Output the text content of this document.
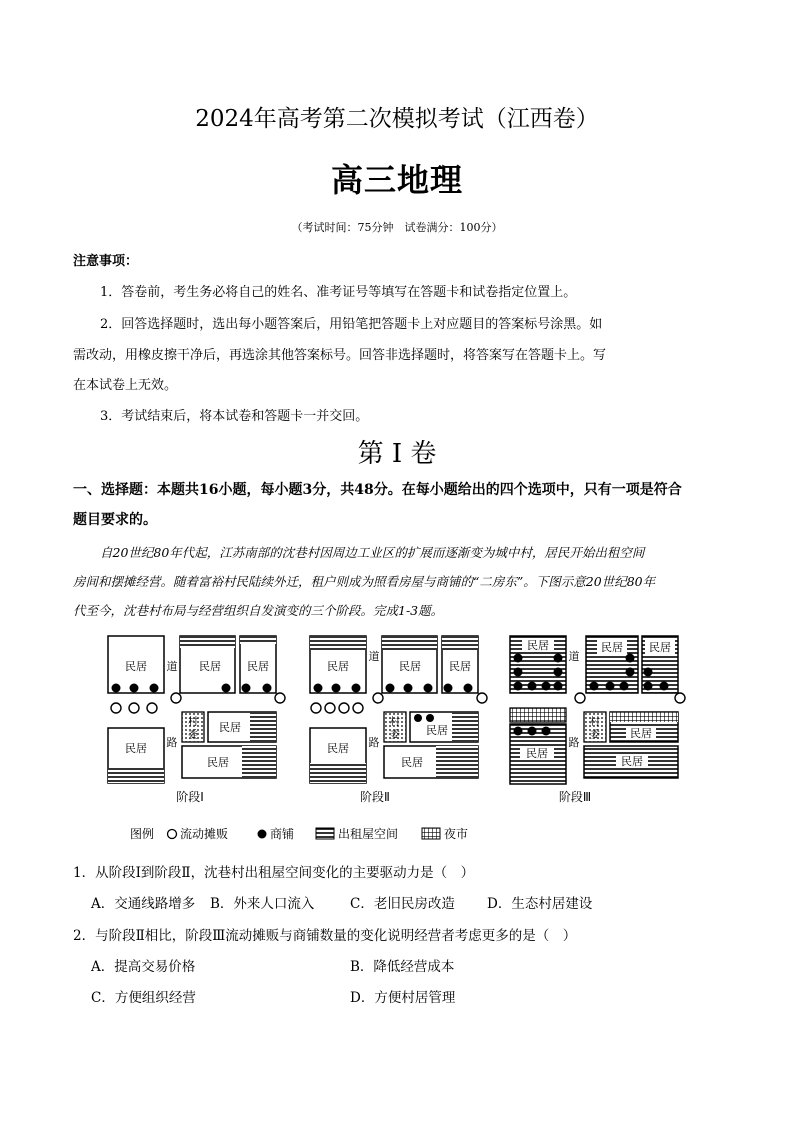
2024年高考第二次模拟考试（江西卷）
高三地理
（考试时间：75分钟　试卷满分：100分）
注意事项：
1．答卷前，考生务必将自己的姓名、准考证号等填写在答题卡和试卷指定位置上。
2．回答选择题时，选出每小题答案后，用铅笔把答题卡上对应题目的答案标号涂黑。如
需改动，用橡皮擦干净后，再选涂其他答案标号。回答非选择题时，将答案写在答题卡上。写
在本试卷上无效。
3．考试结束后，将本试卷和答题卡一并交回。
第 I 卷
一、选择题：本题共16小题，每小题3分，共48分。在每小题给出的四个选项中，只有一项是符合
题目要求的。
自20世纪80年代起，江苏南部的沈巷村因周边工业区的扩展而逐渐变为城中村，居民开始出租空间
房间和摆摊经营。随着富裕村民陆续外迁，租户则成为照看房屋与商铺的“二房东”。下图示意20世纪80年
代至今，沈巷村布局与经营组织自发演变的三个阶段。完成1-3题。
民居	民居 民居
道
路
民居
村
委
民居
民居
阶段Ⅰ
民居	民居	民居
道
路
民居
村
委 民居
民居
阶段Ⅱ
民居	民居 民居
道
路
民居
村
委	民居
民居
阶段Ⅲ
图例 流动摊贩	商铺	出租屋空间	夜市
1．从阶段Ⅰ到阶段Ⅱ，沈巷村出租屋空间变化的主要驱动力是（　）
A．交通线路增多 B．外来人口流入	C．老旧民房改造 D．生态村居建设
2．与阶段Ⅱ相比，阶段Ⅲ流动摊贩与商铺数量的变化说明经营者考虑更多的是（　）
A．提高交易价格	B．降低经营成本
C．方便组织经营	D．方便村居管理
